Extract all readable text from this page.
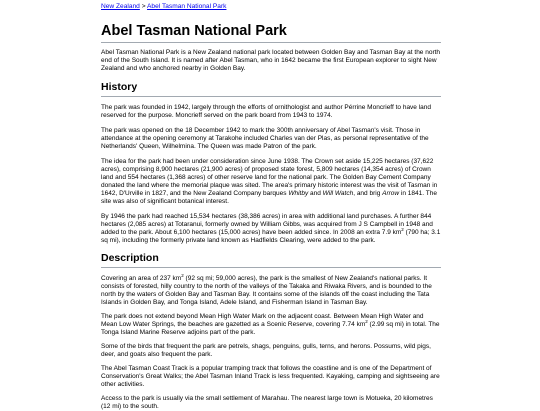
New Zealand > Abel Tasman National Park
Abel Tasman National Park

Abel Tasman National Park is a New Zealand national park located between Golden Bay and Tasman Bay at the north end of the South Island. It is named after Abel Tasman, who in 1642 became the first European explorer to sight New Zealand and who anchored nearby in Golden Bay.

History

The park was founded in 1942, largely through the efforts of ornithologist and author Pérrine Moncrieff to have land reserved for the purpose. Moncrieff served on the park board from 1943 to 1974.

The park was opened on the 18 December 1942 to mark the 300th anniversary of Abel Tasman's visit. Those in attendance at the opening ceremony at Tarakohe included Charles van der Plas, as personal representative of the Netherlands' Queen, Wilhelmina. The Queen was made Patron of the park.

The idea for the park had been under consideration since June 1938. The Crown set aside 15,225 hectares (37,622 acres), comprising 8,900 hectares (21,900 acres) of proposed state forest, 5,809 hectares (14,354 acres) of Crown land and 554 hectares (1,368 acres) of other reserve land for the national park. The Golden Bay Cement Company donated the land where the memorial plaque was sited. The area's primary historic interest was the visit of Tasman in 1642, D'Urville in 1827, and the New Zealand Company barques Whitby and Will Watch, and brig Arrow in 1841. The site was also of significant botanical interest.

By 1946 the park had reached 15,534 hectares (38,386 acres) in area with additional land purchases. A further 844 hectares (2,085 acres) at Totaranui, formerly owned by William Gibbs, was acquired from J S Campbell in 1948 and added to the park. About 6,100 hectares (15,000 acres) have been added since. In 2008 an extra 7.9 $km^2$ (790 ha; 3.1 sq mi), including the formerly private land known as Hadfields Clearing, were added to the park.

Description

Covering an area of 237 $km^2$ (92 sq mi; 59,000 acres), the park is the smallest of New Zealand's national parks. It consists of forested, hilly country to the north of the valleys of the Takaka and Riwaka Rivers, and is bounded to the north by the waters of Golden Bay and Tasman Bay. It contains some of the islands off the coast including the Tata Islands in Golden Bay, and Tonga Island, Adele Island, and Fisherman Island in Tasman Bay.

The park does not extend beyond Mean High Water Mark on the adjacent coast. Between Mean High Water and Mean Low Water Springs, the beaches are gazetted as a Scenic Reserve, covering 7.74 $km^2$ (2.99 sq mi) in total. The Tonga Island Marine Reserve adjoins part of the park.

Some of the birds that frequent the park are petrels, shags, penguins, gulls, terns, and herons. Possums, wild pigs, deer, and goats also frequent the park.

The Abel Tasman Coast Track is a popular tramping track that follows the coastline and is one of the Department of Conservation's Great Walks; the Abel Tasman Inland Track is less frequented. Kayaking, camping and sightseeing are other activities.

Access to the park is usually via the small settlement of Marahau. The nearest large town is Motueka, 20 kilometres (12 mi) to the south.
